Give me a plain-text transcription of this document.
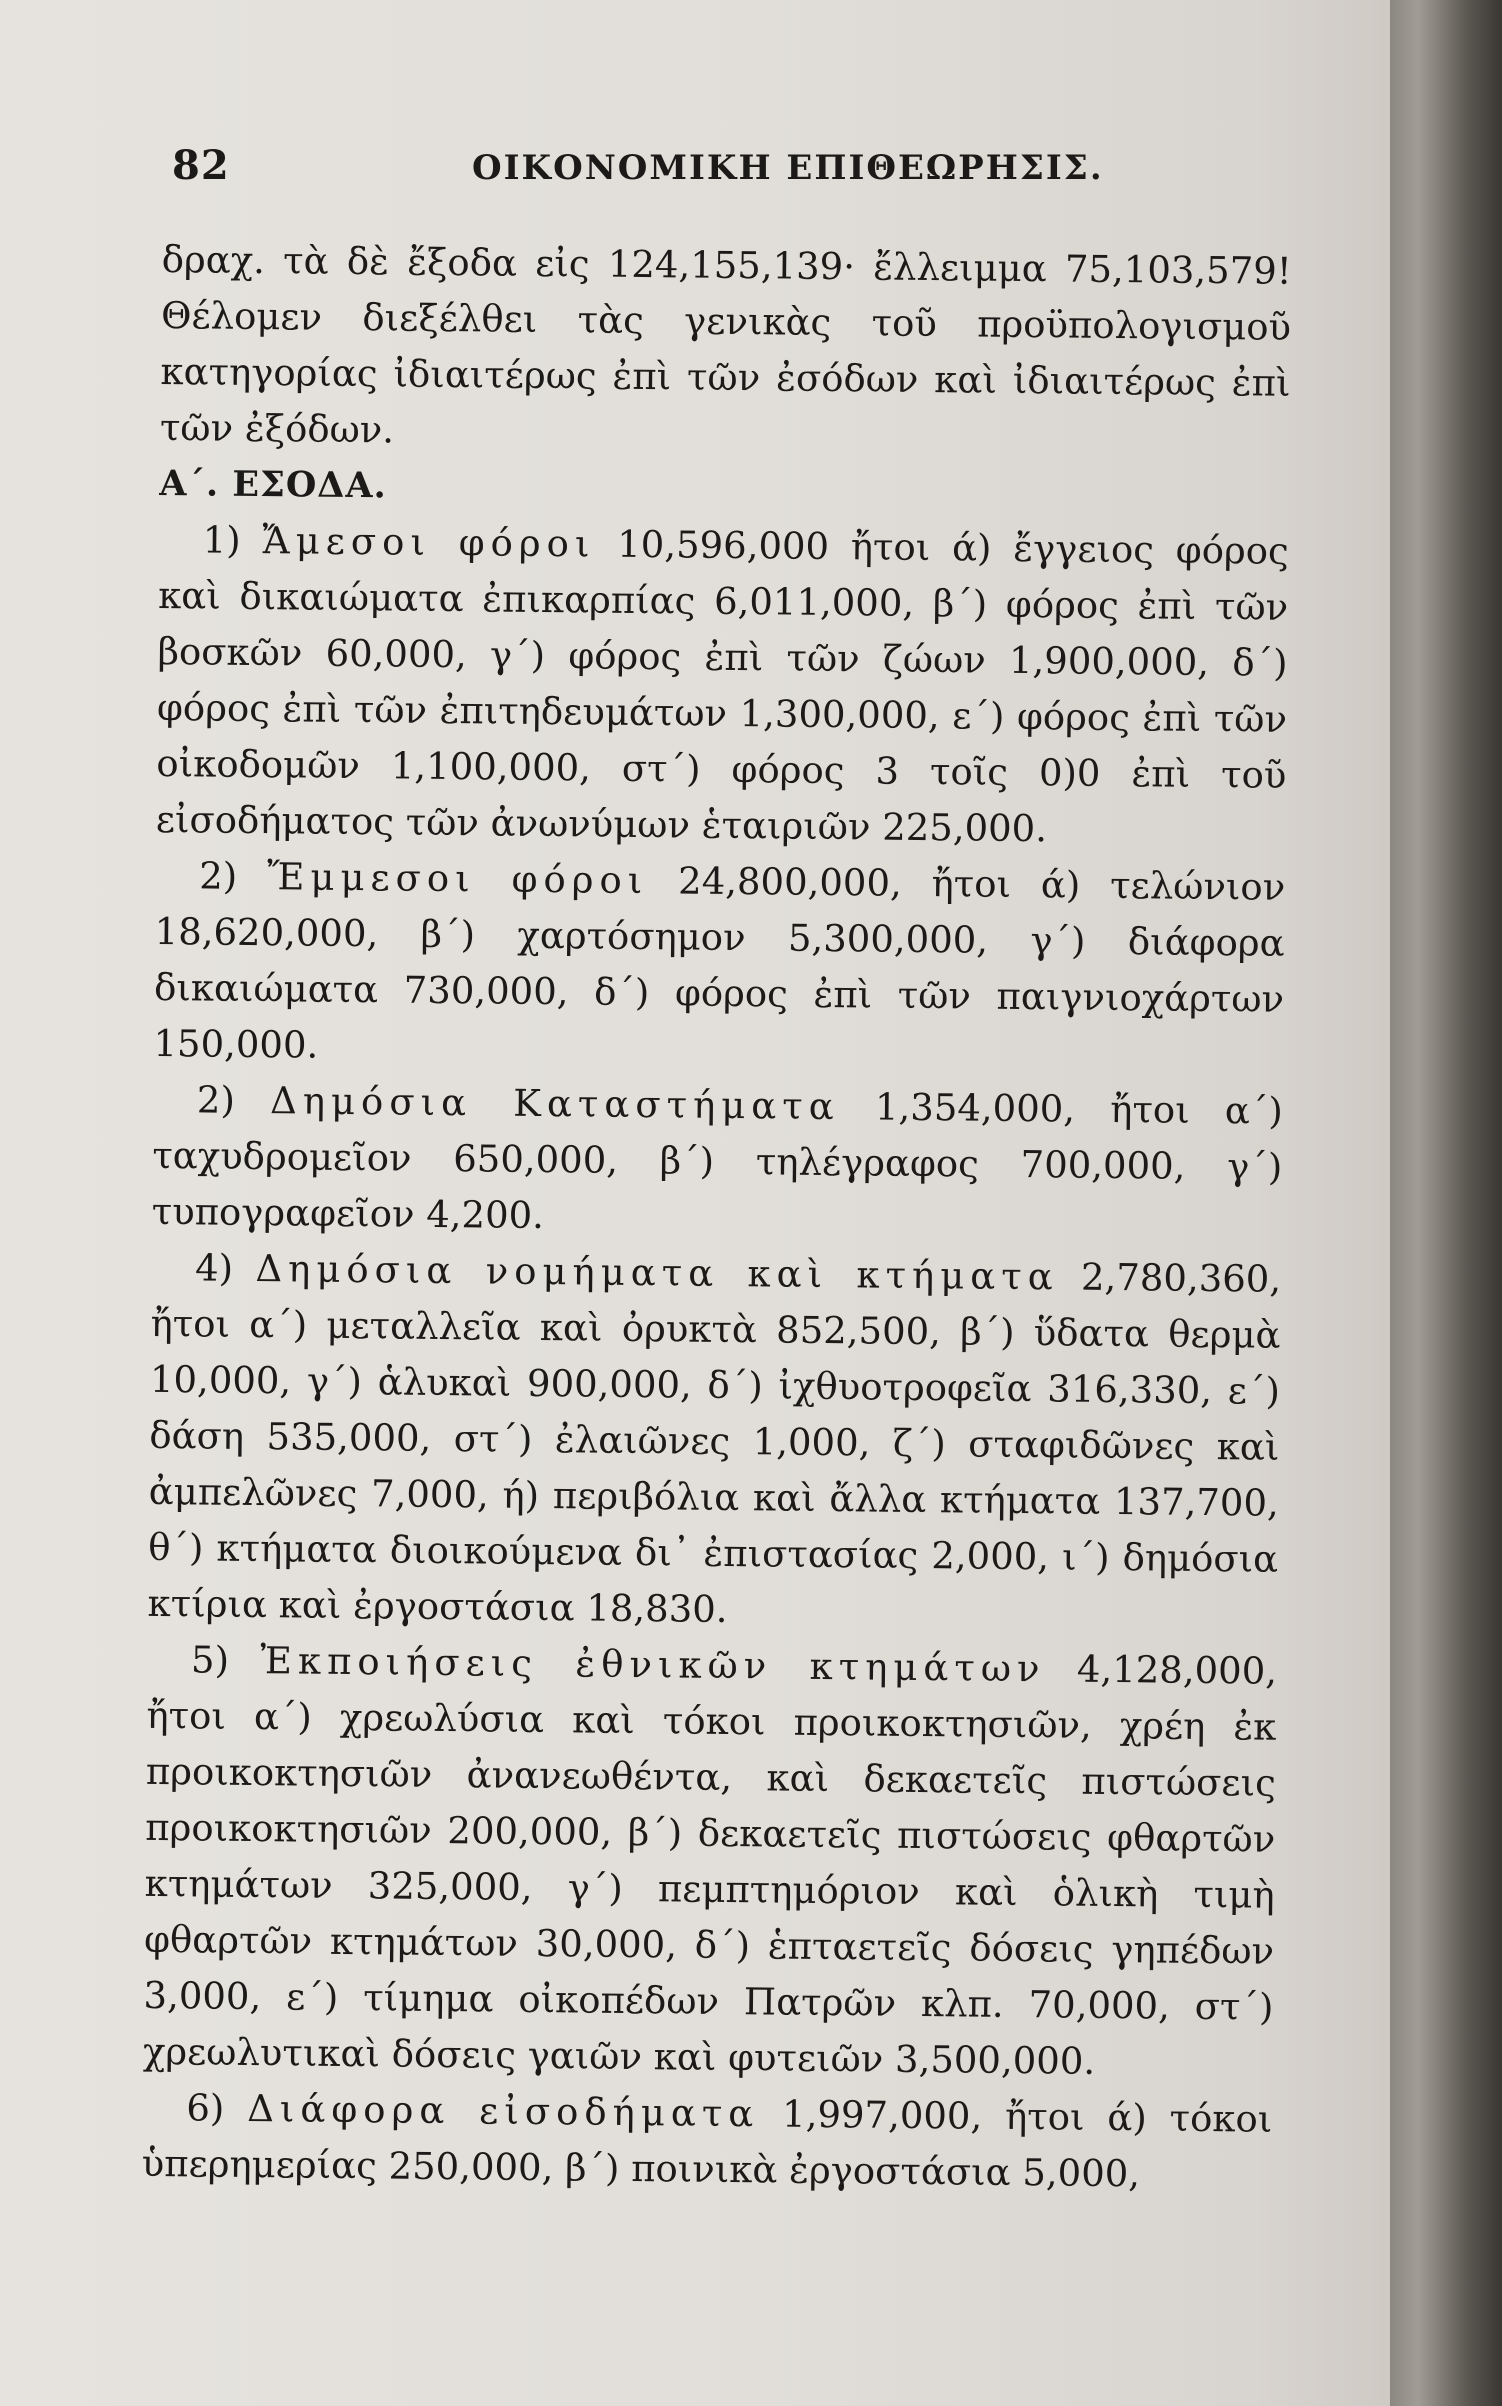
82	ΟΙΚΟΝΟΜΙΚΗ ΕΠΙΘΕΩΡΗΣΙΣ.

δραχ. τὰ δὲ ἔξοδα εἰς 124,155,139· ἔλλειμμα 75,103,579! Θέλομεν διεξέλθει τὰς γενικὰς τοῦ προϋπολογισμοῦ κατηγορίας ἰδιαιτέρως ἐπὶ τῶν ἐσόδων καὶ ἰδιαιτέρως ἐπὶ τῶν ἐξόδων.

Α΄. ΕΣΟΔΑ.

1) Ἄμεσοι φόροι 10,596,000 ἤτοι ά) ἔγγειος φόρος καὶ δικαιώματα ἐπικαρπίας 6,011,000, β΄) φόρος ἐπὶ τῶν βοσκῶν 60,000, γ΄) φόρος ἐπὶ τῶν ζώων 1,900,000, δ΄) φόρος ἐπὶ τῶν ἐπιτηδευμάτων 1,300,000, ε΄) φόρος ἐπὶ τῶν οἰκοδομῶν 1,100,000, στ΄) φόρος 3 τοῖς 0)0 ἐπὶ τοῦ εἰσοδήματος τῶν ἀνωνύμων ἑταιριῶν 225,000.

2) Ἔμμεσοι φόροι 24,800,000, ἤτοι ά) τελώνιον 18,620,000, β΄) χαρτόσημον 5,300,000, γ΄) διάφορα δικαιώματα 730,000, δ΄) φόρος ἐπὶ τῶν παιγνιοχάρτων 150,000.

2) Δημόσια Καταστήματα 1,354,000, ἤτοι α΄) ταχυδρομεῖον 650,000, β΄) τηλέγραφος 700,000, γ΄) τυπογραφεῖον 4,200.

4) Δημόσια νομήματα καὶ κτήματα 2,780,360, ἤτοι α΄) μεταλλεῖα καὶ ὀρυκτὰ 852,500, β΄) ὕδατα θερμὰ 10,000, γ΄) ἁλυκαὶ 900,000, δ΄) ἰχθυοτροφεῖα 316,330, ε΄) δάση 535,000, στ΄) ἐλαιῶνες 1,000, ζ΄) σταφιδῶνες καὶ ἀμπελῶνες 7,000, ή) περιβόλια καὶ ἄλλα κτήματα 137,700, θ΄) κτήματα διοικούμενα δι᾽ ἐπιστασίας 2,000, ι΄) δημόσια κτίρια καὶ ἐργοστάσια 18,830.

5) Ἐκποιήσεις ἐθνικῶν κτημάτων 4,128,000, ἤτοι α΄) χρεωλύσια καὶ τόκοι προικοκτησιῶν, χρέη ἐκ προικοκτησιῶν ἀνανεωθέντα, καὶ δεκαετεῖς πιστώσεις προικοκτησιῶν 200,000, β΄) δεκαετεῖς πιστώσεις φθαρτῶν κτημάτων 325,000, γ΄) πεμπτημόριον καὶ ὁλικὴ τιμὴ φθαρτῶν κτημάτων 30,000, δ΄) ἑπταετεῖς δόσεις γηπέδων 3,000, ε΄) τίμημα οἰκοπέδων Πατρῶν κλπ. 70,000, στ΄) χρεωλυτικαὶ δόσεις γαιῶν καὶ φυτειῶν 3,500,000.

6) Διάφορα εἰσοδήματα 1,997,000, ἤτοι ά) τόκοι ὑπερημερίας 250,000, β΄) ποινικὰ ἐργοστάσια 5,000,
